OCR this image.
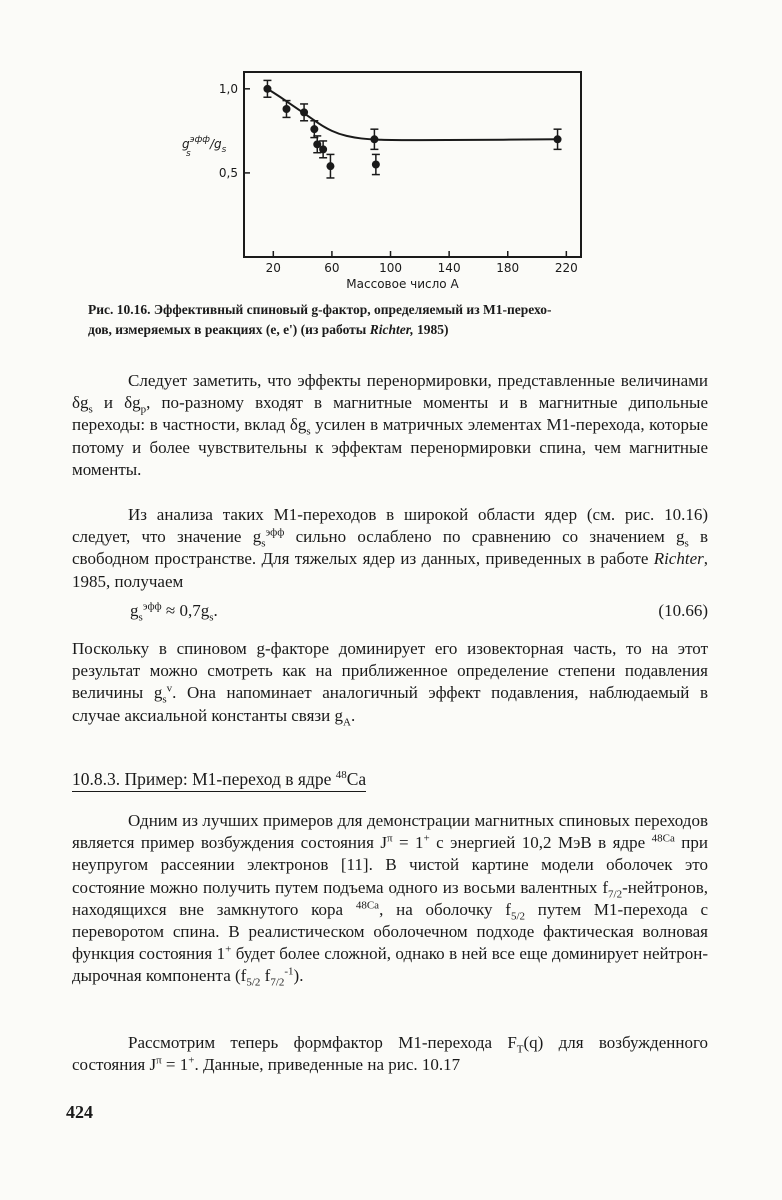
20	60	100	140	180	220
1,0
0,5
$g^{эфф}/g_ss$
Массовое число A
Рис. 10.16. Эффективный спиновый g-фактор, определяемый из M1-перехо-
дов, измеряемых в реакциях (e, e') (из работы Richter, 1985)

Следует заметить, что эффекты перенормировки, представленные величинами $\delta g_s$ и $\delta g_p$, по-разному входят в магнитные моменты и в магнитные дипольные переходы: в частности, вклад $\delta g_s$ усилен в матричных элементах M1-перехода, которые потому и более чувствительны к эффектам перенормировки спина, чем магнитные моменты.

Из анализа таких M1-переходов в широкой области ядер (см. рис. 10.16) следует, что значение $g_s^{эфф}$ сильно ослаблено по сравнению со значением $g_s$ в свободном пространстве. Для тяжелых ядер из данных, приведенных в работе Richter, 1985, получаем

$g_s^{эфф} \approx 0,7g_s$.	(10.66)

Поскольку в спиновом g-факторе доминирует его изовекторная часть, то на этот результат можно смотреть как на приближенное определение степени подавления величины $g_s^v$. Она напоминает аналогичный эффект подавления, наблюдаемый в случае аксиальной константы связи $g_A$.

10.8.3. Пример: M1-переход в ядре $^{48}$Ca

Одним из лучших примеров для демонстрации магнитных спиновых переходов является пример возбуждения состояния $J^\pi = 1^+$ с энергией 10,2 МэВ в ядре $^{48Ca}$ при неупругом рассеянии электронов [11]. В чистой картине модели оболочек это состояние можно получить путем подъема одного из восьми валентных $f_{7/2}$-нейтронов, находящихся вне замкнутого кора $^{48Ca}$, на оболочку $f_{5/2}$ путем M1-перехода с переворотом спина. В реалистическом оболочечном подходе фактическая волновая функция состояния 1+ будет более сложной, однако в ней все еще доминирует нейтрон-дырочная компонента ($f_{5/2}$ $f_{7/2}^{-1}$).

Рассмотрим теперь формфактор M1-перехода $F_T(q)$ для возбужденного состояния $J^\pi = 1^+$. Данные, приведенные на рис. 10.17

424
